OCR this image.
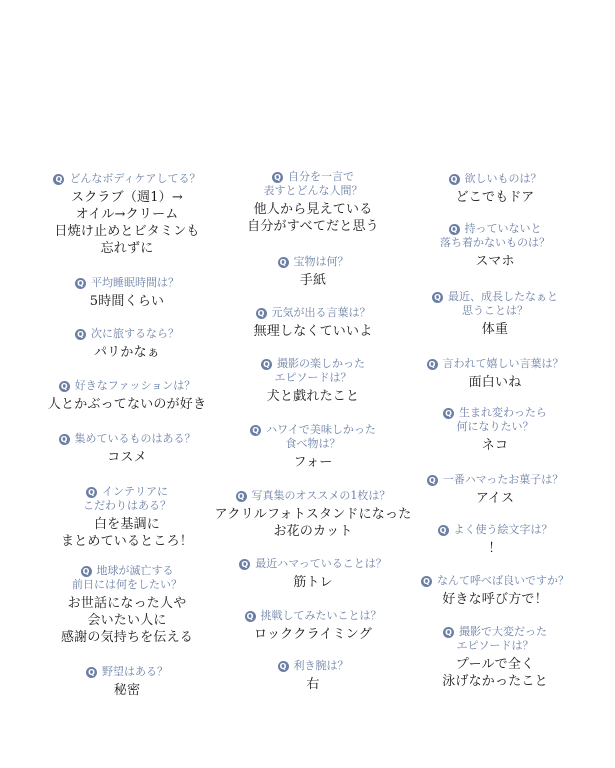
Q どんなボディケアしてる？
スクラブ（週1）→
オイル→クリーム
日焼け止めとビタミンも
忘れずに
Q 平均睡眠時間は？
5時間くらい
Q 次に旅するなら？
パリかなぁ
Q 好きなファッションは？
人とかぶってないのが好き
Q 集めているものはある？
コスメ
Q インテリアに
こだわりはある？
白を基調に
まとめているところ！
Q 地球が滅亡する
前日には何をしたい？
お世話になった人や
会いたい人に
感謝の気持ちを伝える
Q 野望はある？
秘密
Q 自分を一言で
表すとどんな人間？
他人から見えている
自分がすべてだと思う
Q 宝物は何？
手紙
Q 元気が出る言葉は？
無理しなくていいよ
Q 撮影の楽しかった
エピソードは？
犬と戯れたこと
Q ハワイで美味しかった
食べ物は？
フォー
Q 写真集のオススメの1枚は？
アクリルフォトスタンドになった
お花のカット
Q 最近ハマっていることは？
筋トレ
Q 挑戦してみたいことは？
ロッククライミング
Q 利き腕は？
右
Q 欲しいものは？
どこでもドア
Q 持っていないと
落ち着かないものは？
スマホ
Q 最近、成長したなぁと
思うことは？
体重
Q 言われて嬉しい言葉は？
面白いね
Q 生まれ変わったら
何になりたい？
ネコ
Q 一番ハマったお菓子は？
アイス
Q よく使う絵文字は？
！
Q なんて呼べば良いですか？
好きな呼び方で！
Q 撮影で大変だった
エピソードは？
プールで全く
泳げなかったこと
